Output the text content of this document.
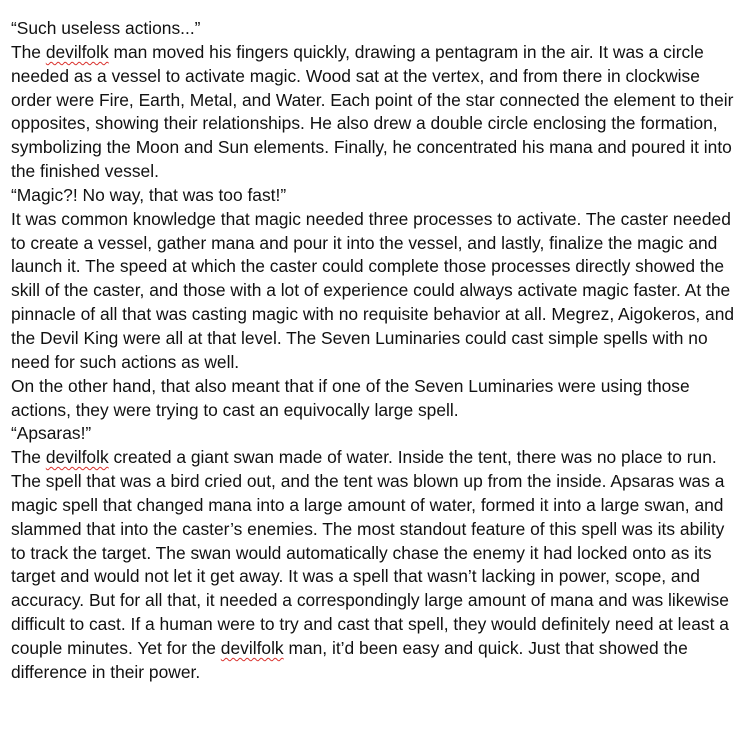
“Such useless actions...”

The devilfolk man moved his fingers quickly, drawing a pentagram in the air. It was a circle needed as a vessel to activate magic. Wood sat at the vertex, and from there in clockwise order were Fire, Earth, Metal, and Water. Each point of the star connected the element to their opposites, showing their relationships. He also drew a double circle enclosing the formation, symbolizing the Moon and Sun elements. Finally, he concentrated his mana and poured it into the finished vessel.

“Magic?! No way, that was too fast!”

It was common knowledge that magic needed three processes to activate. The caster needed to create a vessel, gather mana and pour it into the vessel, and lastly, finalize the magic and launch it. The speed at which the caster could complete those processes directly showed the skill of the caster, and those with a lot of experience could always activate magic faster. At the pinnacle of all that was casting magic with no requisite behavior at all. Megrez, Aigokeros, and the Devil King were all at that level. The Seven Luminaries could cast simple spells with no need for such actions as well.

On the other hand, that also meant that if one of the Seven Luminaries were using those actions, they were trying to cast an equivocally large spell.

“Apsaras!”

The devilfolk created a giant swan made of water. Inside the tent, there was no place to run. The spell that was a bird cried out, and the tent was blown up from the inside. Apsaras was a magic spell that changed mana into a large amount of water, formed it into a large swan, and slammed that into the caster’s enemies. The most standout feature of this spell was its ability to track the target. The swan would automatically chase the enemy it had locked onto as its target and would not let it get away. It was a spell that wasn’t lacking in power, scope, and accuracy. But for all that, it needed a correspondingly large amount of mana and was likewise difficult to cast. If a human were to try and cast that spell, they would definitely need at least a couple minutes. Yet for the devilfolk man, it’d been easy and quick. Just that showed the difference in their power.
